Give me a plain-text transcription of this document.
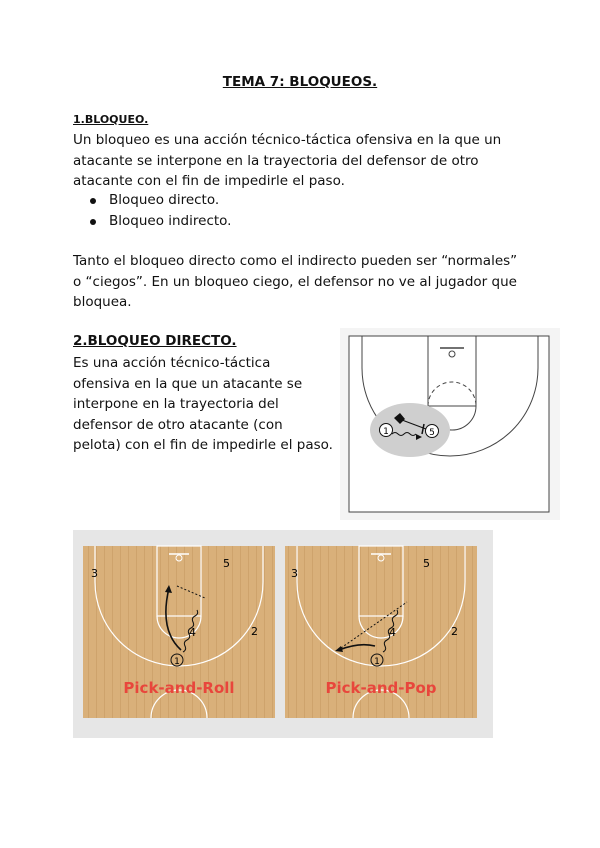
TEMA 7: BLOQUEOS.
1.BLOQUEO.
Un bloqueo es una acción técnico-táctica ofensiva en la que un
atacante se interpone en la trayectoria del defensor de otro
atacante con el fin de impedirle el paso.
Bloqueo directo.
Bloqueo indirecto.
Tanto el bloqueo directo como el indirecto pueden ser “normales”
o “ciegos”. En un bloqueo ciego, el defensor no ve al jugador que
bloquea.
2.BLOQUEO DIRECTO.
Es una acción técnico-táctica
ofensiva en la que un atacante se
interpone en la trayectoria del
defensor de otro atacante (con
pelota) con el fin de impedirle el paso.
1	5
3
5
2
4
1
Pick-and-Roll
3
5
2
4
1
Pick-and-Pop
